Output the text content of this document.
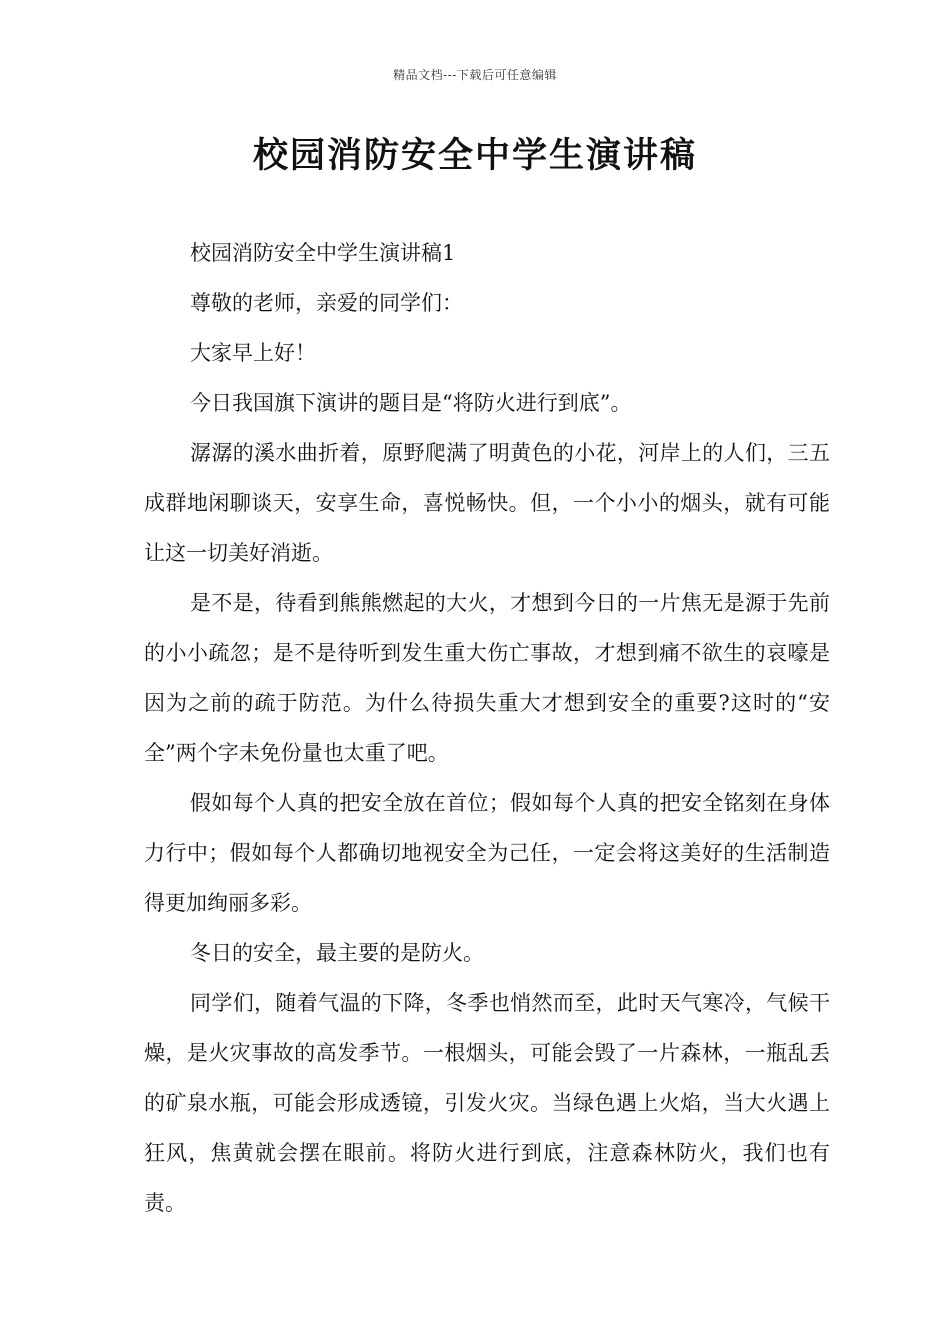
精品文档---下载后可任意编辑
校园消防安全中学生演讲稿

校园消防安全中学生演讲稿1

尊敬的老师，亲爱的同学们：

大家早上好！

今日我国旗下演讲的题目是“将防火进行到底”。

潺潺的溪水曲折着，原野爬满了明黄色的小花，河岸上的人们，三五成群地闲聊谈天，安享生命，喜悦畅快。但，一个小小的烟头，就有可能让这一切美好消逝。

是不是，待看到熊熊燃起的大火，才想到今日的一片焦无是源于先前的小小疏忽；是不是待听到发生重大伤亡事故，才想到痛不欲生的哀嚎是因为之前的疏于防范。为什么待损失重大才想到安全的重要?这时的“安全”两个字未免份量也太重了吧。

假如每个人真的把安全放在首位；假如每个人真的把安全铭刻在身体力行中；假如每个人都确切地视安全为己任，一定会将这美好的生活制造得更加绚丽多彩。

冬日的安全，最主要的是防火。

同学们，随着气温的下降，冬季也悄然而至，此时天气寒冷，气候干燥，是火灾事故的高发季节。一根烟头，可能会毁了一片森林，一瓶乱丢的矿泉水瓶，可能会形成透镜，引发火灾。当绿色遇上火焰，当大火遇上狂风，焦黄就会摆在眼前。将防火进行到底，注意森林防火，我们也有责。
